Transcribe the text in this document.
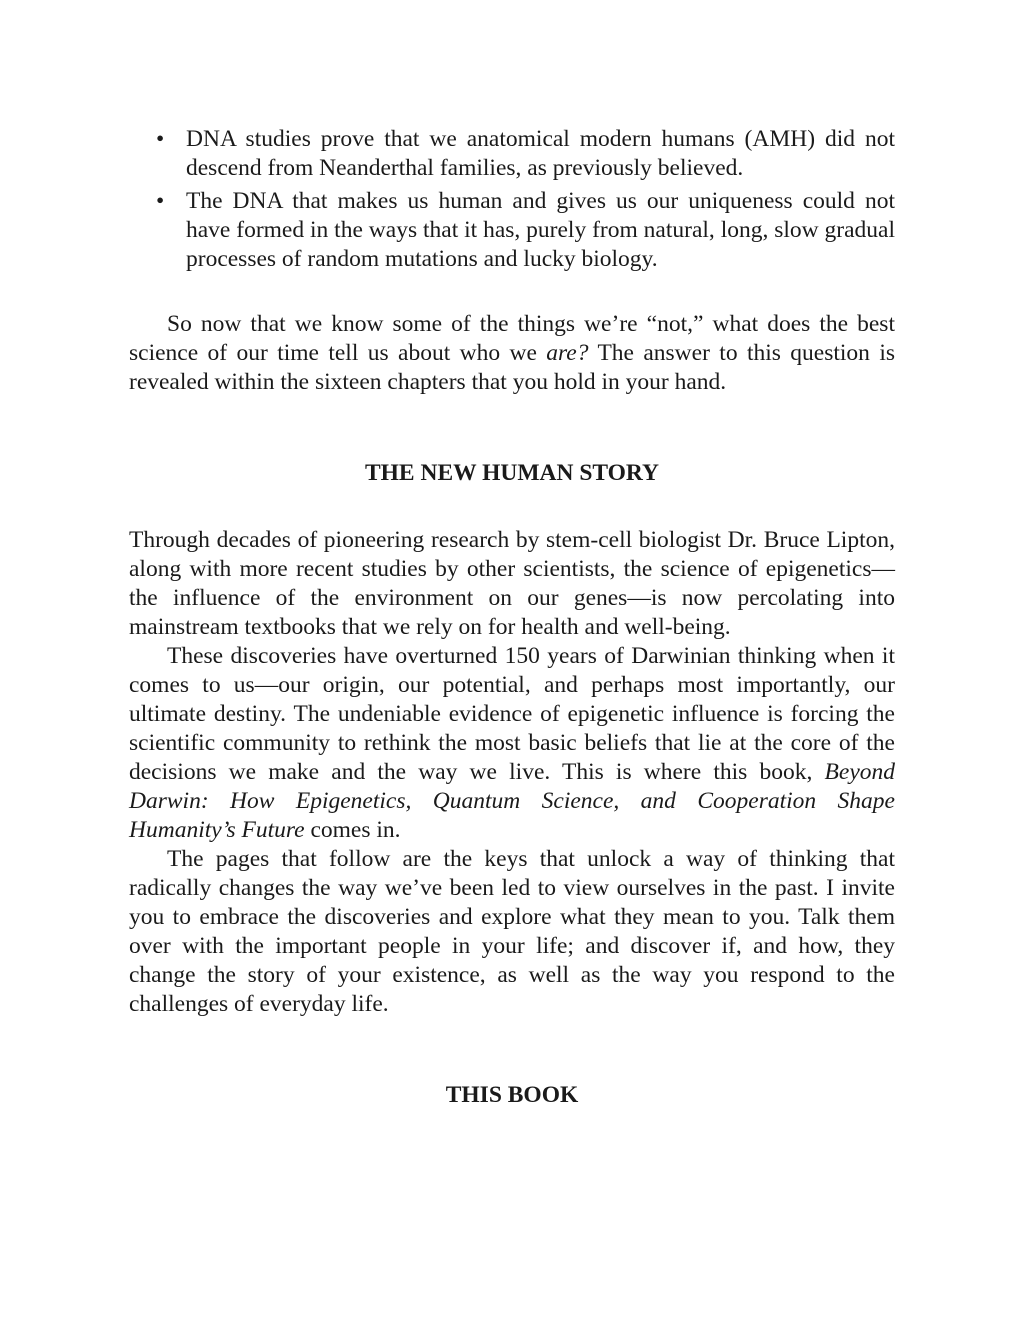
• DNA studies prove that we anatomical modern humans (AMH) did not descend from Neanderthal families, as previously believed.
• The DNA that makes us human and gives us our uniqueness could not have formed in the ways that it has, purely from natural, long, slow gradual processes of random mutations and lucky biology.

So now that we know some of the things we’re “not,” what does the best science of our time tell us about who we are? The answer to this question is revealed within the sixteen chapters that you hold in your hand.

THE NEW HUMAN STORY

Through decades of pioneering research by stem-cell biologist Dr. Bruce Lipton, along with more recent studies by other scientists, the science of epigenetics—the influence of the environment on our genes—is now percolating into mainstream textbooks that we rely on for health and well-being.

These discoveries have overturned 150 years of Darwinian thinking when it comes to us—our origin, our potential, and perhaps most importantly, our ultimate destiny. The undeniable evidence of epigenetic influence is forcing the scientific community to rethink the most basic beliefs that lie at the core of the decisions we make and the way we live. This is where this book, Beyond Darwin: How Epigenetics, Quantum Science, and Cooperation Shape Humanity’s Future comes in.

The pages that follow are the keys that unlock a way of thinking that radically changes the way we’ve been led to view ourselves in the past. I invite you to embrace the discoveries and explore what they mean to you. Talk them over with the important people in your life; and discover if, and how, they change the story of your existence, as well as the way you respond to the challenges of everyday life.

THIS BOOK
